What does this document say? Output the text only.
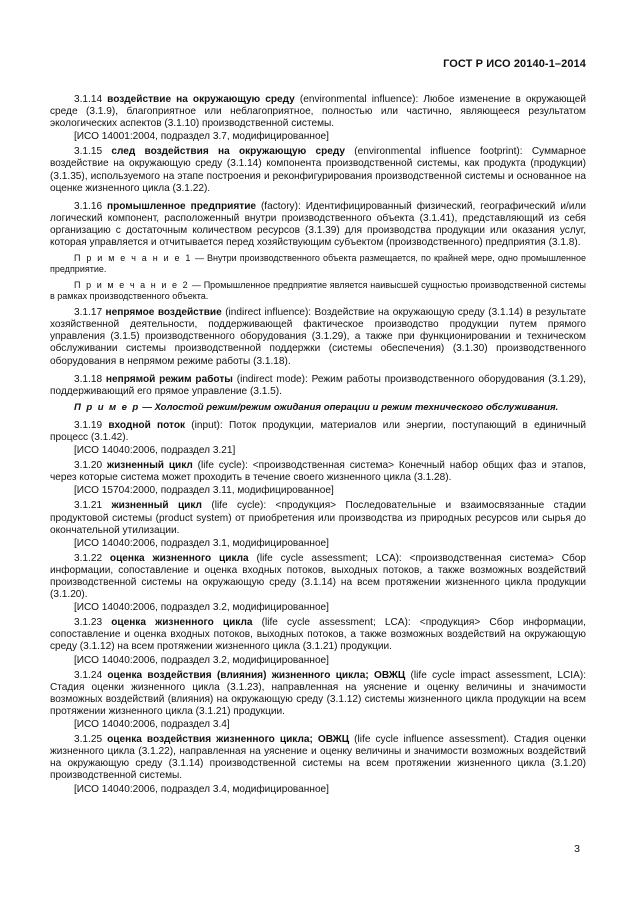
ГОСТ Р ИСО 20140-1–2014

3.1.14 воздействие на окружающую среду (environmental influence): Любое изменение в окружающей среде (3.1.9), благоприятное или неблагоприятное, полностью или частично, являющееся результатом экологических аспектов (3.1.10) производственной системы.

[ИСО 14001:2004, подраздел 3.7, модифицированное]

3.1.15 след воздействия на окружающую среду (environmental influence footprint): Суммарное воздействие на окружающую среду (3.1.14) компонента производственной системы, как продукта (продукции) (3.1.35), используемого на этапе построения и реконфигурирования производственной системы и основанное на оценке жизненного цикла (3.1.22).

3.1.16 промышленное предприятие (factory): Идентифицированный физический, географический и/или логический компонент, расположенный внутри производственного объекта (3.1.41), представляющий из себя организацию с достаточным количеством ресурсов (3.1.39) для производства продукции или оказания услуг, которая управляется и отчитывается перед хозяйствующим субъектом (производственного) предприятия (3.1.8).

П р и м е ч а н и е 1 — Внутри производственного объекта размещается, по крайней мере, одно промышленное предприятие.

П р и м е ч а н и е 2 — Промышленное предприятие является наивысшей сущностью производственной системы в рамках производственного объекта.

3.1.17 непрямое воздействие (indirect influence): Воздействие на окружающую среду (3.1.14) в результате хозяйственной деятельности, поддерживающей фактическое производство продукции путем прямого управления (3.1.5) производственного оборудования (3.1.29), а также при функционировании и техническом обслуживании системы производственной поддержки (системы обеспечения) (3.1.30) производственного оборудования в непрямом режиме работы (3.1.18).

3.1.18 непрямой режим работы (indirect mode): Режим работы производственного оборудования (3.1.29), поддерживающий его прямое управление (3.1.5).

П р и м е р — Холостой режим/режим ожидания операции и режим технического обслуживания.

3.1.19 входной поток (input): Поток продукции, материалов или энергии, поступающий в единичный процесс (3.1.42).

[ИСО 14040:2006, подраздел 3.21]

3.1.20 жизненный цикл (life cycle): <производственная система> Конечный набор общих фаз и этапов, через которые система может проходить в течение своего жизненного цикла (3.1.28).

[ИСО 15704:2000, подраздел 3.11, модифицированное]

3.1.21 жизненный цикл (life cycle): <продукция> Последовательные и взаимосвязанные стадии продуктовой системы (product system) от приобретения или производства из природных ресурсов или сырья до окончательной утилизации.

[ИСО 14040:2006, подраздел 3.1, модифицированное]

3.1.22 оценка жизненного цикла (life cycle assessment; LCA): <производственная система> Сбор информации, сопоставление и оценка входных потоков, выходных потоков, а также возможных воздействий производственной системы на окружающую среду (3.1.14) на всем протяжении жизненного цикла продукции (3.1.20).

[ИСО 14040:2006, подраздел 3.2, модифицированное]

3.1.23 оценка жизненного цикла (life cycle assessment; LCA): <продукция> Сбор информации, сопоставление и оценка входных потоков, выходных потоков, а также возможных воздействий на окружающую среду (3.1.12) на всем протяжении жизненного цикла (3.1.21) продукции.

[ИСО 14040:2006, подраздел 3.2, модифицированное]

3.1.24 оценка воздействия (влияния) жизненного цикла; ОВЖЦ (life cycle impact assessment, LCIA): Стадия оценки жизненного цикла (3.1.23), направленная на уяснение и оценку величины и значимости возможных воздействий (влияния) на окружающую среду (3.1.12) системы жизненного цикла продукции на всем протяжении жизненного цикла (3.1.21) продукции.

[ИСО 14040:2006, подраздел 3.4]

3.1.25 оценка воздействия жизненного цикла; ОВЖЦ (life cycle influence assessment). Стадия оценки жизненного цикла (3.1.22), направленная на уяснение и оценку величины и значимости возможных воздействий на окружающую среду (3.1.14) производственной системы на всем протяжении жизненного цикла (3.1.20) производственной системы.

[ИСО 14040:2006, подраздел 3.4, модифицированное]
3
